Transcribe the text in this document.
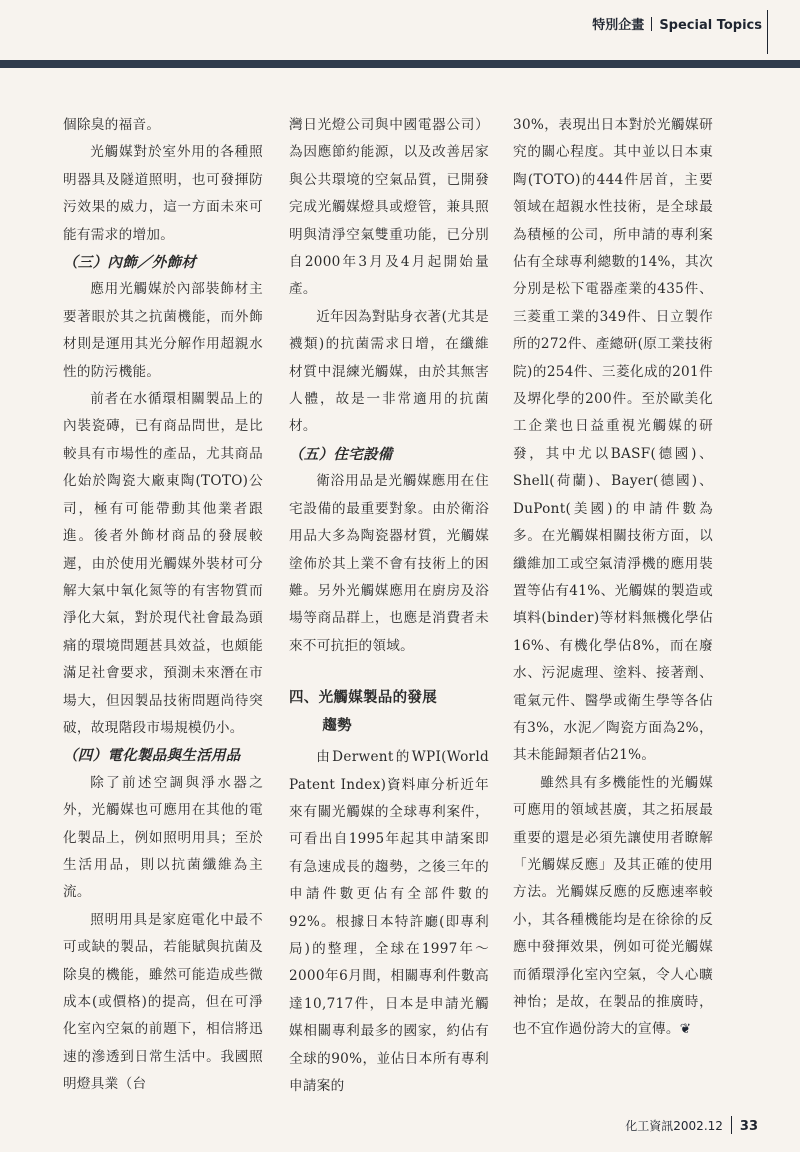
特別企畫 Special Topics

個除臭的福音。

光觸媒對於室外用的各種照明器具及隧道照明，也可發揮防污效果的威力，這一方面未來可能有需求的增加。

（三）內飾／外飾材

應用光觸媒於內部裝飾材主要著眼於其之抗菌機能，而外飾材則是運用其光分解作用超親水性的防污機能。

前者在水循環相關製品上的內裝瓷磚，已有商品問世，是比較具有市場性的產品，尤其商品化始於陶瓷大廠東陶(TOTO)公司，極有可能帶動其他業者跟進。後者外飾材商品的發展較遲，由於使用光觸媒外裝材可分解大氣中氧化氮等的有害物質而淨化大氣，對於現代社會最為頭痛的環境問題甚具效益，也頗能滿足社會要求，預測未來潛在市場大，但因製品技術問題尚待突破，故現階段市場規模仍小。

（四）電化製品與生活用品

除了前述空調與淨水器之外，光觸媒也可應用在其他的電化製品上，例如照明用具；至於生活用品，則以抗菌纖維為主流。

照明用具是家庭電化中最不可或缺的製品，若能賦與抗菌及除臭的機能，雖然可能造成些微成本(或價格)的提高，但在可淨化室內空氣的前題下，相信將迅速的滲透到日常生活中。我國照明燈具業（台

灣日光燈公司與中國電器公司）為因應節約能源，以及改善居家與公共環境的空氣品質，已開發完成光觸媒燈具或燈管，兼具照明與清淨空氣雙重功能，已分別自2000年3月及4月起開始量產。

近年因為對貼身衣著(尤其是襪類)的抗菌需求日增，在纖維材質中混練光觸媒，由於其無害人體，故是一非常適用的抗菌材。

（五）住宅設備

衛浴用品是光觸媒應用在住宅設備的最重要對象。由於衛浴用品大多為陶瓷器材質，光觸媒塗佈於其上業不會有技術上的困難。另外光觸媒應用在廚房及浴場等商品群上，也應是消費者未來不可抗拒的領域。

四、光觸媒製品的發展
趨勢

由Derwent的WPI(World Patent Index)資料庫分析近年來有關光觸媒的全球專利案件，可看出自1995年起其申請案即有急速成長的趨勢，之後三年的申請件數更佔有全部件數的92%。根據日本特許廳(即專利局)的整理，全球在1997年～2000年6月間，相關專利件數高達10,717件，日本是申請光觸媒相關專利最多的國家，約佔有全球的90%，並佔日本所有專利申請案的

30%，表現出日本對於光觸媒研究的關心程度。其中並以日本東陶(TOTO)的444件居首，主要領域在超親水性技術，是全球最為積極的公司，所申請的專利案佔有全球專利總數的14%，其次分別是松下電器產業的435件、三菱重工業的349件、日立製作所的272件、產總研(原工業技術院)的254件、三菱化成的201件及堺化學的200件。至於歐美化工企業也日益重視光觸媒的研發，其中尤以BASF(德國)、Shell(荷蘭)、Bayer(德國)、DuPont(美國)的申請件數為多。在光觸媒相關技術方面，以纖維加工或空氣清淨機的應用裝置等佔有41%、光觸媒的製造或填料(binder)等材料無機化學佔16%、有機化學佔8%，而在廢水、污泥處理、塗料、接著劑、電氣元件、醫學或衛生學等各佔有3%，水泥／陶瓷方面為2%，其未能歸類者佔21%。

雖然具有多機能性的光觸媒可應用的領域甚廣，其之拓展最重要的還是必須先讓使用者瞭解「光觸媒反應」及其正確的使用方法。光觸媒反應的反應速率較小，其各種機能均是在徐徐的反應中發揮效果，例如可從光觸媒而循環淨化室內空氣，令人心曠神怡；是故，在製品的推廣時，也不宜作過份誇大的宣傳。❦

化工資訊2002.12 33
